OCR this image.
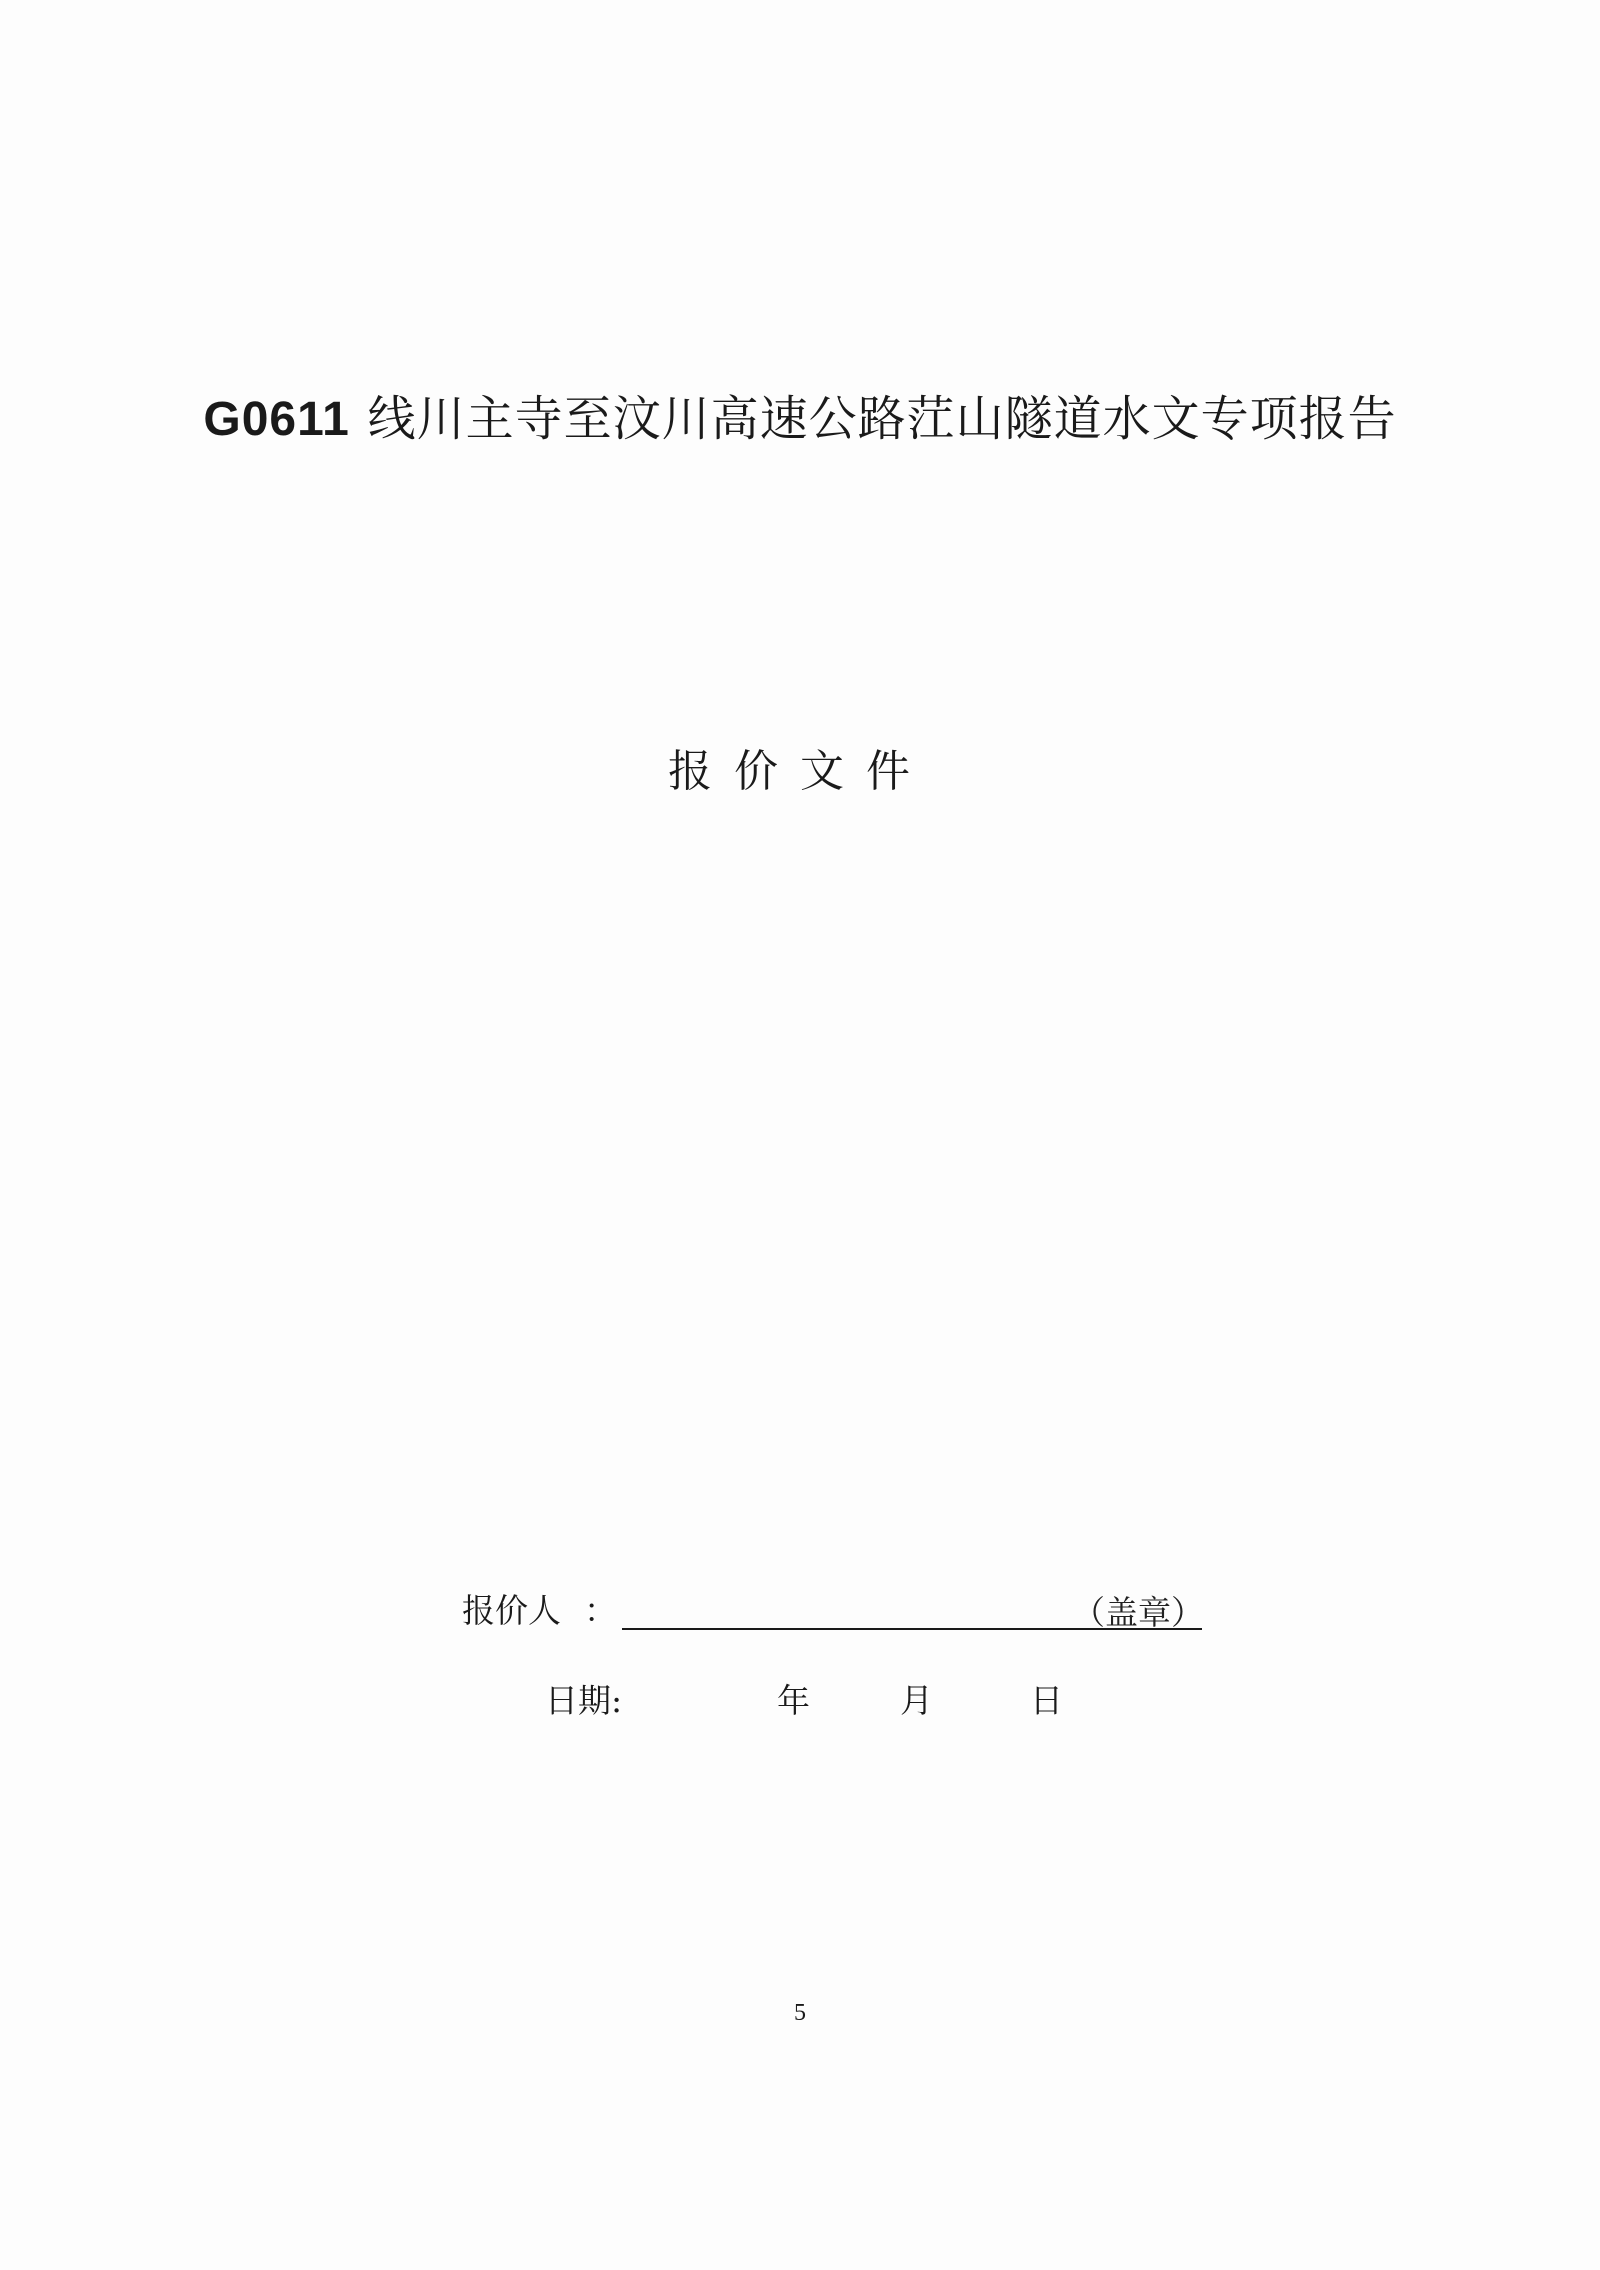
G0611 线川主寺至汶川高速公路茳山隧道水文专项报告
报价文件
报价人 ：	（盖章）
日期:	年	月	日
5
